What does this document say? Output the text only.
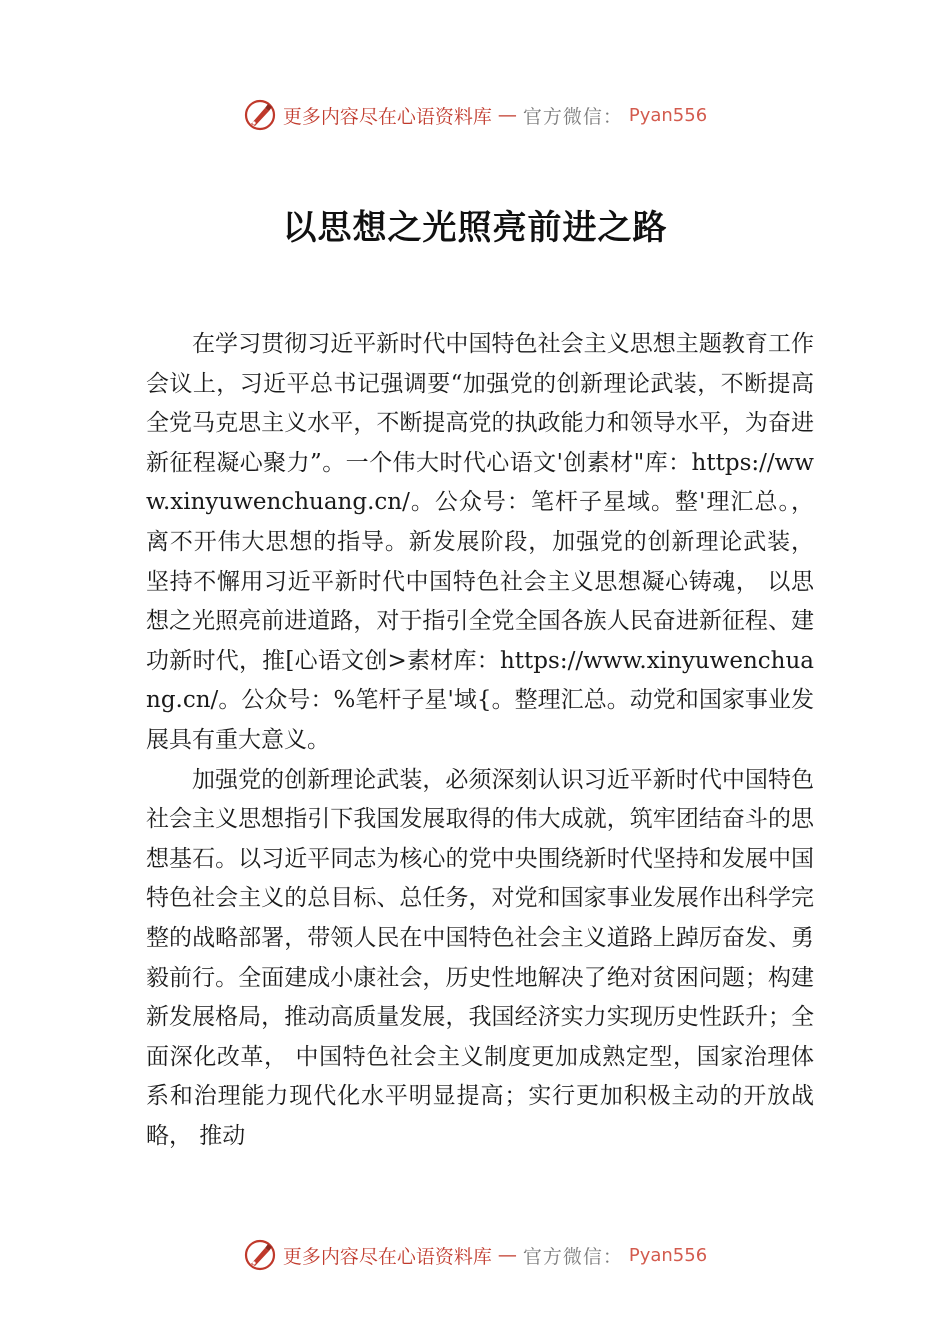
更多内容尽在心语资料库 — 官方微信： Pyan556
以思想之光照亮前进之路

在学习贯彻习近平新时代中国特色社会主义思想主题教育工作会议上，习近平总书记强调要“加强党的创新理论武装，不断提高全党马克思主义水平，不断提高党的执政能力和领导水平，为奋进新征程凝心聚力”。一个伟大时代心语文'创素材"库：https://www.xinyuwenchuang.cn/。公众号：笔杆子星域。整'理汇总。，离不开伟大思想的指导。新发展阶段，加强党的创新理论武装， 坚持不懈用习近平新时代中国特色社会主义思想凝心铸魂， 以思想之光照亮前进道路，对于指引全党全国各族人民奋进新征程、建功新时代，推[心语文创>素材库：https://www.xinyuwenchuang.cn/。公众号：%笔杆子星'域{。整理汇总。动党和国家事业发展具有重大意义。

加强党的创新理论武装，必须深刻认识习近平新时代中国特色社会主义思想指引下我国发展取得的伟大成就，筑牢团结奋斗的思想基石。以习近平同志为核心的党中央围绕新时代坚持和发展中国特色社会主义的总目标、总任务，对党和国家事业发展作出科学完整的战略部署，带领人民在中国特色社会主义道路上踔厉奋发、勇毅前行。全面建成小康社会，历史性地解决了绝对贫困问题；构建新发展格局，推动高质量发展，我国经济实力实现历史性跃升；全面深化改革， 中国特色社会主义制度更加成熟定型，国家治理体系和治理能力现代化水平明显提高；实行更加积极主动的开放战略， 推动

更多内容尽在心语资料库 — 官方微信： Pyan556
